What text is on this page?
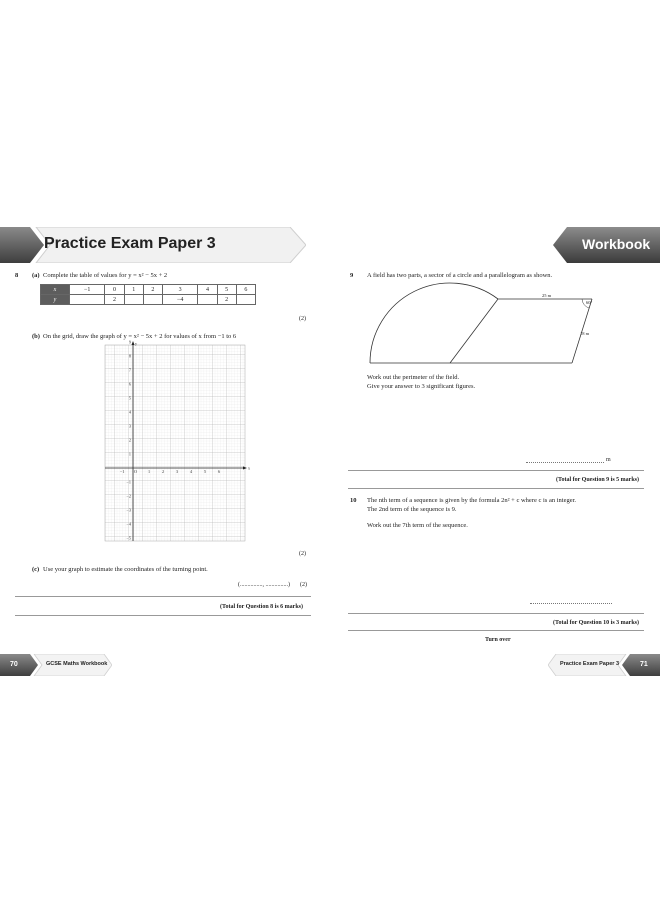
Practice Exam Paper 3	Workbook
8 (a) Complete the table of values for y = x² − 5x + 2
x	−1	0	1	2	3	4	5	6
y		2			−4		2	
(2)
(b) On the grid, draw the graph of y = x² − 5x + 2 for values of x from −1 to 6
9
8
7
6
5
4
3
2
1
−1
−2
−3
−4
−5
−1 O	1	2	3	4	5	6
y
x
(2)
(c) Use your graph to estimate the coordinates of the turning point.
(..............., ...............) (2)
(Total for Question 8 is 6 marks)
9 A field has two parts, a sector of a circle and a parallelogram as shown.
25 m
60°
18 m
Work out the perimeter of the field.
Give your answer to 3 significant figures.
m
(Total for Question 9 is 5 marks)
10 The nth term of a sequence is given by the formula 2n² + c where c is an integer.
The 2nd term of the sequence is 9.
Work out the 7th term of the sequence.
(Total for Question 10 is 3 marks)
Turn over
70	GCSE Maths Workbook	Practice Exam Paper 3	71
